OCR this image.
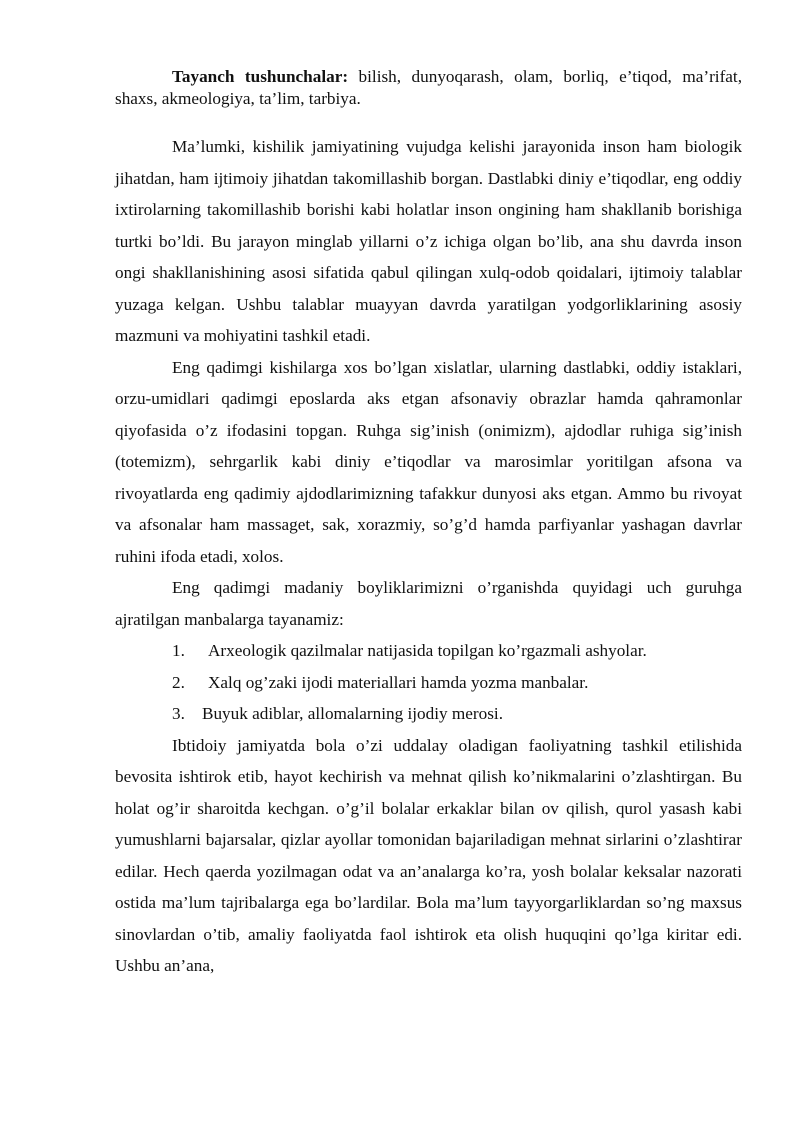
Tayanch tushunchalar: bilish, dunyoqarash, olam, borliq, e’tiqod, ma’rifat, shaxs, akmeologiya, ta’lim, tarbiya.

Ma’lumki, kishilik jamiyatining vujudga kelishi jarayonida inson ham biologik jihatdan, ham ijtimoiy jihatdan takomillashib borgan. Dastlabki diniy e’tiqodlar, eng oddiy ixtirolarning takomillashib borishi kabi holatlar inson ongining ham shakllanib borishiga turtki bo’ldi. Bu jarayon minglab yillarni o’z ichiga olgan bo’lib, ana shu davrda inson ongi shakllanishining asosi sifatida qabul qilingan xulq-odob qoidalari, ijtimoiy talablar yuzaga kelgan. Ushbu talablar muayyan davrda yaratilgan yodgorliklarining asosiy mazmuni va mohiyatini tashkil etadi.

Eng qadimgi kishilarga xos bo’lgan xislatlar, ularning dastlabki, oddiy istaklari, orzu-umidlari qadimgi eposlarda aks etgan afsonaviy obrazlar hamda qahramonlar qiyofasida o’z ifodasini topgan. Ruhga sig’inish (onimizm), ajdodlar ruhiga sig’inish (totemizm), sehrgarlik kabi diniy e’tiqodlar va marosimlar yoritilgan afsona va rivoyatlarda eng qadimiy ajdodlarimizning tafakkur dunyosi aks etgan. Ammo bu rivoyat va afsonalar ham massaget, sak, xorazmiy, so’g’d hamda parfiyanlar yashagan davrlar ruhini ifoda etadi, xolos.

Eng qadimgi madaniy boyliklarimizni o’rganishda quyidagi uch guruhga ajratilgan manbalarga tayanamiz:

1.	Arxeologik qazilmalar natijasida topilgan ko’rgazmali ashyolar.
2.	Xalq og’zaki ijodi materiallari hamda yozma manbalar.
3. Buyuk adiblar, allomalarning ijodiy merosi.

Ibtidoiy jamiyatda bola o’zi uddalay oladigan faoliyatning tashkil etilishida bevosita ishtirok etib, hayot kechirish va mehnat qilish ko’nikmalarini o’zlashtirgan. Bu holat og’ir sharoitda kechgan. o’g’il bolalar erkaklar bilan ov qilish, qurol yasash kabi yumushlarni bajarsalar, qizlar ayollar tomonidan bajariladigan mehnat sirlarini o’zlashtirar edilar. Hech qaerda yozilmagan odat va an’analarga ko’ra, yosh bolalar keksalar nazorati ostida ma’lum tajribalarga ega bo’lardilar. Bola ma’lum tayyorgarliklardan so’ng maxsus sinovlardan o’tib, amaliy faoliyatda faol ishtirok eta olish huquqini qo’lga kiritar edi. Ushbu an’ana,
